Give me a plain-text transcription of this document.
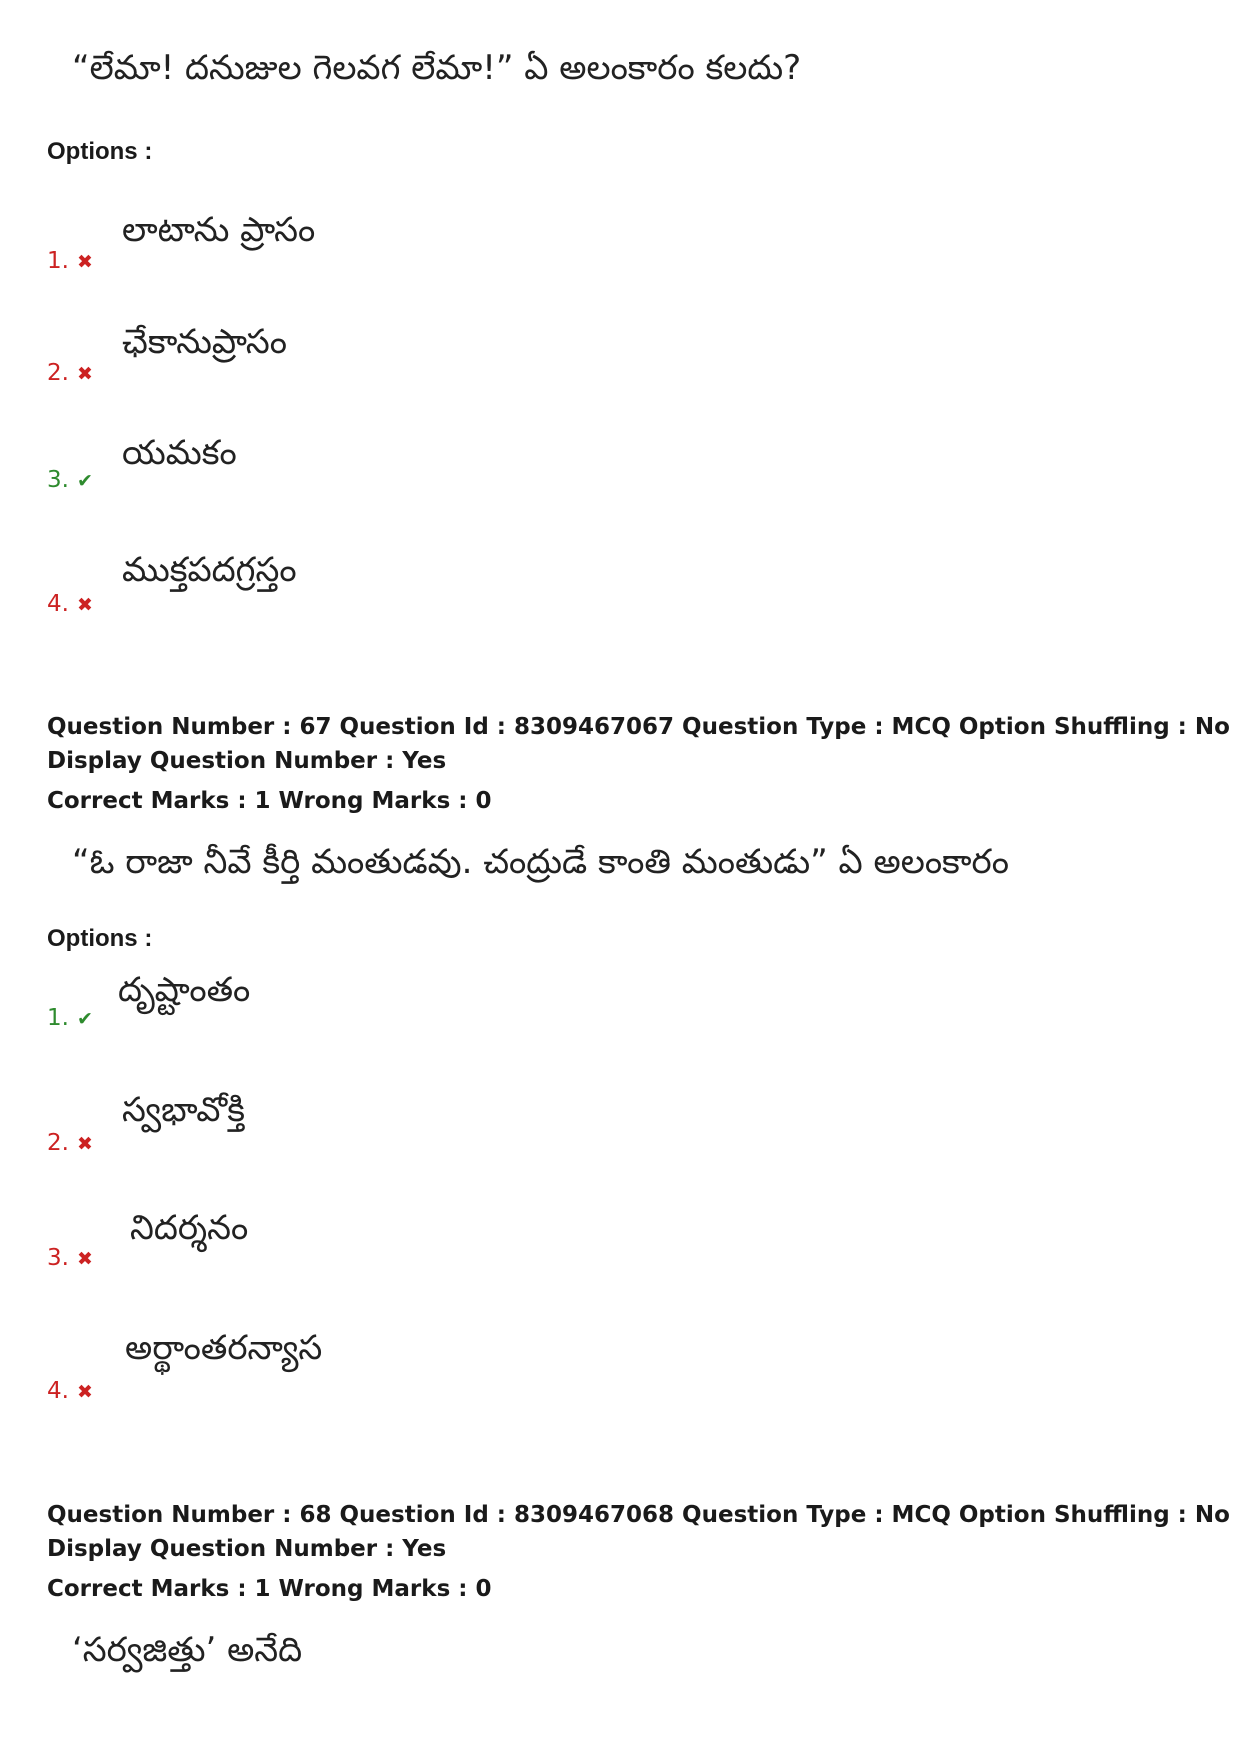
“లేమా! దనుజుల గెలవగ లేమా!” ఏ అలంకారం కలదు?
Options :
1. ✖
లాటాను ప్రాసం
2. ✖
ఛేకానుప్రాసం
3. ✔
యమకం
4. ✖
ముక్తపదగ్రస్తం
Question Number : 67 Question Id : 8309467067 Question Type : MCQ Option Shuffling : No
Display Question Number : Yes
Correct Marks : 1 Wrong Marks : 0
“ఓ రాజా నీవే కీర్తి మంతుడవు. చంద్రుడే కాంతి మంతుడు” ఏ అలంకారం
Options :
1. ✔
దృష్టాంతం
2. ✖
స్వభావోక్తి
3. ✖
నిదర్శనం
4. ✖
అర్థాంతరన్యాస
Question Number : 68 Question Id : 8309467068 Question Type : MCQ Option Shuffling : No
Display Question Number : Yes
Correct Marks : 1 Wrong Marks : 0
‘సర్వజిత్తు’ అనేది
